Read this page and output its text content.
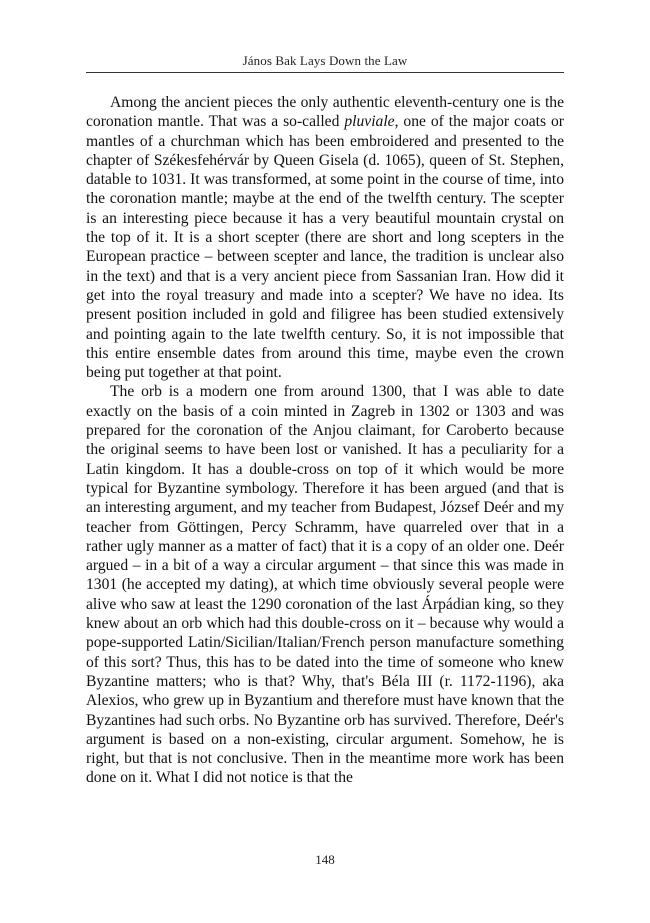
János Bak Lays Down the Law

Among the ancient pieces the only authentic eleventh-century one is the coronation mantle. That was a so-called pluviale, one of the major coats or mantles of a churchman which has been embroidered and presented to the chapter of Székesfehérvár by Queen Gisela (d. 1065), queen of St. Stephen, datable to 1031. It was transformed, at some point in the course of time, into the coronation mantle; maybe at the end of the twelfth century. The scepter is an interesting piece because it has a very beautiful mountain crystal on the top of it. It is a short scepter (there are short and long scepters in the European practice – between scepter and lance, the tradition is unclear also in the text) and that is a very ancient piece from Sassanian Iran. How did it get into the royal treasury and made into a scepter? We have no idea. Its present position included in gold and filigree has been studied extensively and pointing again to the late twelfth century. So, it is not impossible that this entire ensemble dates from around this time, maybe even the crown being put together at that point.

The orb is a modern one from around 1300, that I was able to date exactly on the basis of a coin minted in Zagreb in 1302 or 1303 and was prepared for the coronation of the Anjou claimant, for Caroberto because the original seems to have been lost or vanished. It has a peculiarity for a Latin kingdom. It has a double-cross on top of it which would be more typical for Byzantine symbology. Therefore it has been argued (and that is an interesting argument, and my teacher from Budapest, József Deér and my teacher from Göttingen, Percy Schramm, have quarreled over that in a rather ugly manner as a matter of fact) that it is a copy of an older one. Deér argued – in a bit of a way a circular argument – that since this was made in 1301 (he accepted my dating), at which time obviously several people were alive who saw at least the 1290 coronation of the last Árpádian king, so they knew about an orb which had this double-cross on it – because why would a pope-supported Latin/Sicilian/Italian/French person manufacture something of this sort? Thus, this has to be dated into the time of someone who knew Byzantine matters; who is that? Why, that's Béla III (r. 1172-1196), aka Alexios, who grew up in Byzantium and therefore must have known that the Byzantines had such orbs. No Byzantine orb has survived. Therefore, Deér's argument is based on a non-existing, circular argument. Somehow, he is right, but that is not conclusive. Then in the meantime more work has been done on it. What I did not notice is that the

148
